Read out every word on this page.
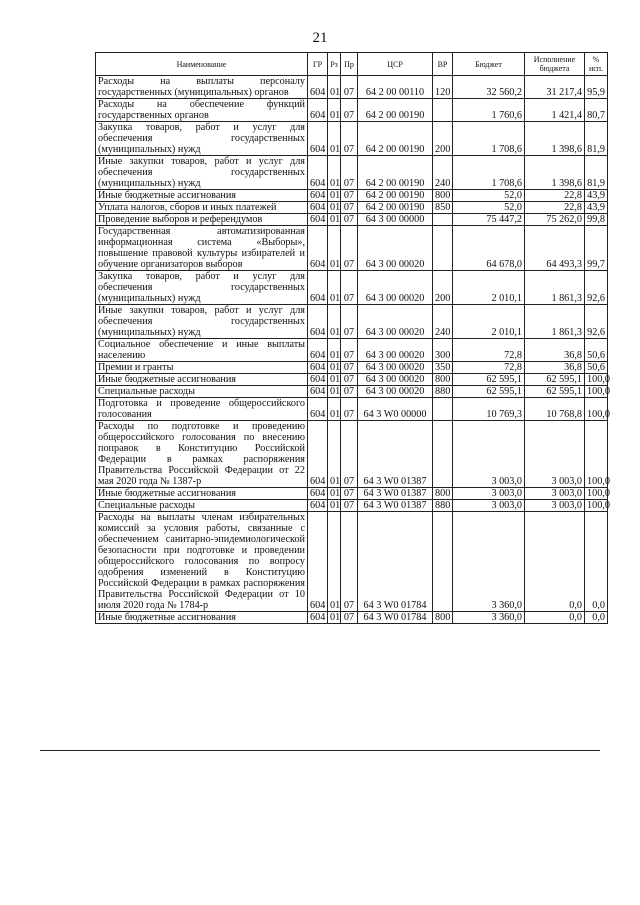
21
Наименование	ГР	Рз	Пр	ЦСР	ВР	Бюджет	Исполнение бюджета	% исп.
Расходы на выплаты персоналу государственных (муниципальных) органов	604	01	07	64 2 00 00110	120	32 560,2	31 217,4	95,9
Расходы на обеспечение функций государственных органов	604	01	07	64 2 00 00190		1 760,6	1 421,4	80,7
Закупка товаров, работ и услуг для обеспечения государственных (муниципальных) нужд	604	01	07	64 2 00 00190	200	1 708,6	1 398,6	81,9
Иные закупки товаров, работ и услуг для обеспечения государственных (муниципальных) нужд	604	01	07	64 2 00 00190	240	1 708,6	1 398,6	81,9
Иные бюджетные ассигнования	604	01	07	64 2 00 00190	800	52,0	22,8	43,9
Уплата налогов, сборов и иных платежей	604	01	07	64 2 00 00190	850	52,0	22,8	43,9
Проведение выборов и референдумов	604	01	07	64 3 00 00000		75 447,2	75 262,0	99,8
Государственная автоматизированная информационная система «Выборы», повышение правовой культуры избирателей и обучение организаторов выборов	604	01	07	64 3 00 00020		64 678,0	64 493,3	99,7
Закупка товаров, работ и услуг для обеспечения государственных (муниципальных) нужд	604	01	07	64 3 00 00020	200	2 010,1	1 861,3	92,6
Иные закупки товаров, работ и услуг для обеспечения государственных (муниципальных) нужд	604	01	07	64 3 00 00020	240	2 010,1	1 861,3	92,6
Социальное обеспечение и иные выплаты населению	604	01	07	64 3 00 00020	300	72,8	36,8	50,6
Премии и гранты	604	01	07	64 3 00 00020	350	72,8	36,8	50,6
Иные бюджетные ассигнования	604	01	07	64 3 00 00020	800	62 595,1	62 595,1	100,0
Специальные расходы	604	01	07	64 3 00 00020	880	62 595,1	62 595,1	100,0
Подготовка и проведение общероссийского голосования	604	01	07	64 3 W0 00000		10 769,3	10 768,8	100,0
Расходы по подготовке и проведению общероссийского голосования по внесению поправок в Конституцию Российской Федерации в рамках распоряжения Правительства Российской Федерации от 22 мая 2020 года № 1387-р	604	01	07	64 3 W0 01387		3 003,0	3 003,0	100,0
Иные бюджетные ассигнования	604	01	07	64 3 W0 01387	800	3 003,0	3 003,0	100,0
Специальные расходы	604	01	07	64 3 W0 01387	880	3 003,0	3 003,0	100,0
Расходы на выплаты членам избирательных комиссий за условия работы, связанные с обеспечением санитарно-эпидемиологической безопасности при подготовке и проведении общероссийского голосования по вопросу одобрения изменений в Конституцию Российской Федерации в рамках распоряжения Правительства Российской Федерации от 10 июля 2020 года № 1784-р	604	01	07	64 3 W0 01784		3 360,0	0,0	0,0
Иные бюджетные ассигнования	604	01	07	64 3 W0 01784	800	3 360,0	0,0	0,0
